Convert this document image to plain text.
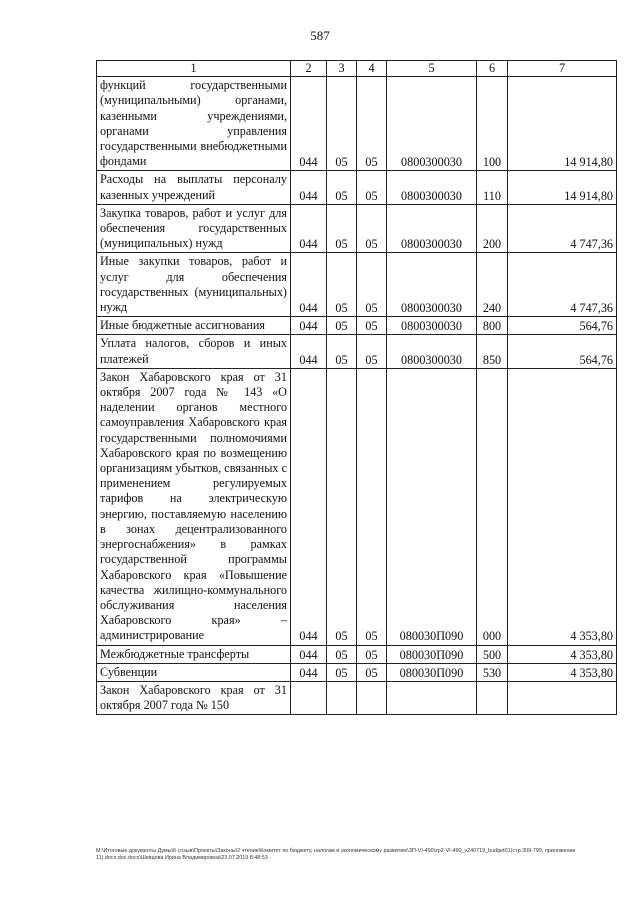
587
1	2	3	4	5	6	7
функций государственными (муниципальными) органами, казенными учреждениями, органами управления государственными внебюджетными фондами	044	05	05	0800300030	100	14 914,80
Расходы на выплаты персоналу казенных учреждений	044	05	05	0800300030	110	14 914,80
Закупка товаров, работ и услуг для обеспечения государственных (муниципальных) нужд	044	05	05	0800300030	200	4 747,36
Иные закупки товаров, работ и услуг для обеспечения государственных (муниципальных) нужд	044	05	05	0800300030	240	4 747,36
Иные бюджетные ассигнования	044	05	05	0800300030	800	564,76
Уплата налогов, сборов и иных платежей	044	05	05	0800300030	850	564,76
Закон Хабаровского края от 31 октября 2007 года № 143 «О наделении органов местного самоуправления Хабаровского края государственными полномочиями Хабаровского края по возмещению организациям убытков, связанных с применением регулируемых тарифов на электрическую энергию, поставляемую населению в зонах децентрализованного энергоснабжения» в рамках государственной программы Хабаровского края «Повышение качества жилищно-коммунального обслуживания населения Хабаровского края» – администрирование	044	05	05	080030П090	000	4 353,80
Межбюджетные трансферты	044	05	05	080030П090	500	4 353,80
Субвенции	044	05	05	080030П090	530	4 353,80
Закон Хабаровского края от 31 октября 2007 года № 150						
M:\Итоговые документы Думы\6 созыв\Проекты\Законы\2 чтение\Комитет по бюджету, налогам и экономическому развитию\ЗП-VI-490\zp2-VI-490_v240719_budget01(стр.309-799, приложение 11).docx.doc.docx\Шевцова Ирина Владимировна\23.07.2019 8:48:53
